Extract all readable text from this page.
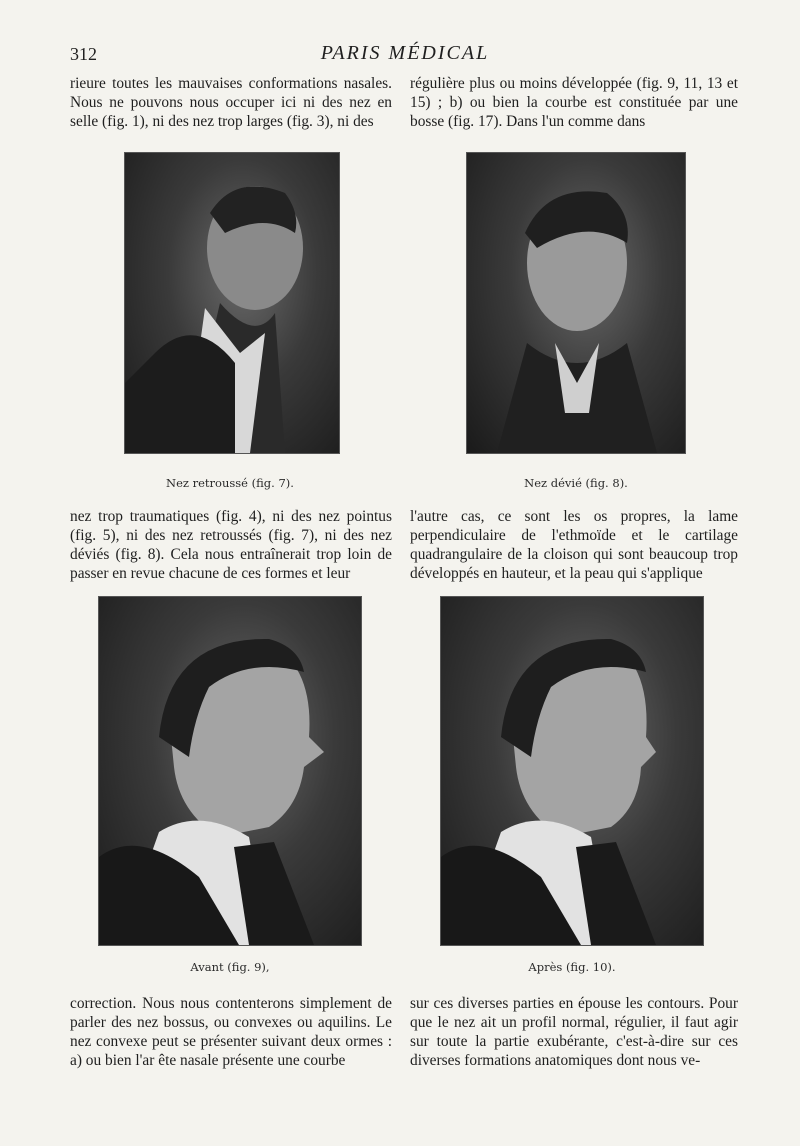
312	PARIS MÉDICAL

rieure toutes les mauvaises conformations nasales. Nous ne pouvons nous occuper ici ni des nez en selle (fig. 1), ni des nez trop larges (fig. 3), ni des

régulière plus ou moins développée (fig. 9, 11, 13 et 15) ; b) ou bien la courbe est constituée par une bosse (fig. 17). Dans l'un comme dans

Nez retroussé (fig. 7).	Nez dévié (fig. 8).

nez trop traumatiques (fig. 4), ni des nez pointus (fig. 5), ni des nez retroussés (fig. 7), ni des nez déviés (fig. 8). Cela nous entraînerait trop loin de passer en revue chacune de ces formes et leur

l'autre cas, ce sont les os propres, la lame perpendiculaire de l'ethmoïde et le cartilage quadrangulaire de la cloison qui sont beaucoup trop développés en hauteur, et la peau qui s'applique

Avant (fig. 9),	Après (fig. 10).

correction. Nous nous contenterons simplement de parler des nez bossus, ou convexes ou aquilins. Le nez convexe peut se présenter suivant deux ormes : a) ou bien l'ar ête nasale présente une courbe

sur ces diverses parties en épouse les contours. Pour que le nez ait un profil normal, régulier, il faut agir sur toute la partie exubérante, c'est-à-dire sur ces diverses formations anatomiques dont nous ve-
